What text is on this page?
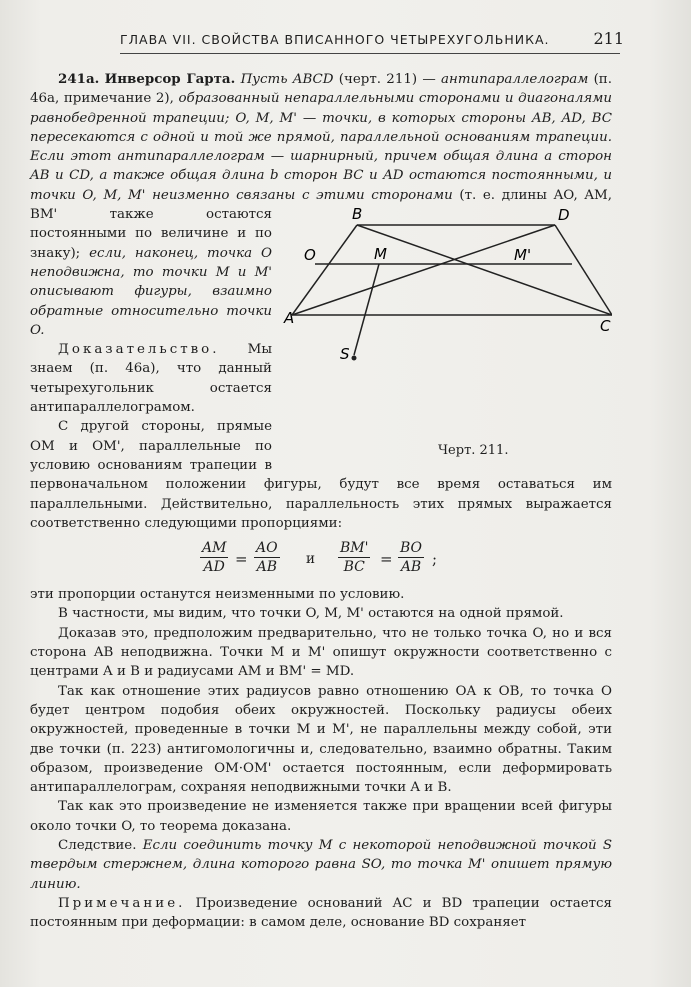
ГЛАВА VII. СВОЙСТВА ВПИСАННОГО ЧЕТЫРЕХУГОЛЬНИКА.	211

241а. Инверсор Гарта. Пусть ABCD (черт. 211) — антипараллелограм (п. 46а, примечание 2), образованный непараллельными сторонами и диагоналями равнобедренной трапеции; O, M, M' — точки, в которых стороны AB, AD, BC пересекаются с одной и той же прямой, параллельной основаниям трапеции. Если этот антипараллелограм — шарнирный, причем общая длина a сторон AB и CD, а также общая длина b сторон BC и AD остаются постоянными, и точки O, M, M' неизменно связаны с этими сторонами
B	D
O	M	M'
A	C
S
Черт. 211.
(т. е. длины AO, AM, BM' также остаются постоянными по величине и по знаку); если, наконец, точка O неподвижна, то точки M и M' описывают фигуры, взаимно обратные относительно точки O.

Доказательство. Мы знаем (п. 46а), что данный четырехугольник остается антипараллелограмом.

С другой стороны, прямые OM и OM', параллельные по условию основаниям трапеции в первоначальном положении фигуры, будут все время оставаться им параллельными. Действительно, параллельность этих прямых выражается соответственно следующими пропорциями:

$\frac{AM}{AD} = \frac{AO}{AB}$ и $\frac{BM'}{BC} = \frac{BO}{AB}$ ;

эти пропорции останутся неизменными по условию.

В частности, мы видим, что точки O, M, M' остаются на одной прямой.

Доказав это, предположим предварительно, что не только точка O, но и вся сторона AB неподвижна. Точки M и M' опишут окружности соответственно с центрами A и B и радиусами AM и BM' = MD.

Так как отношение этих радиусов равно отношению OA к OB, то точка O будет центром подобия обеих окружностей. Поскольку радиусы обеих окружностей, проведенные в точки M и M', не параллельны между собой, эти две точки (п. 223) антигомологичны и, следовательно, взаимно обратны. Таким образом, произведение OM·OM' остается постоянным, если деформировать антипараллелограм, сохраняя неподвижными точки A и B.

Так как это произведение не изменяется также при вращении всей фигуры около точки O, то теорема доказана.

Следствие. Если соединить точку M с некоторой неподвижной точкой S твердым стержнем, длина которого равна SO, то точка M' опишет прямую линию.

Примечание. Произведение оснований AC и BD трапеции остается постоянным при деформации: в самом деле, основание BD сохраняет
